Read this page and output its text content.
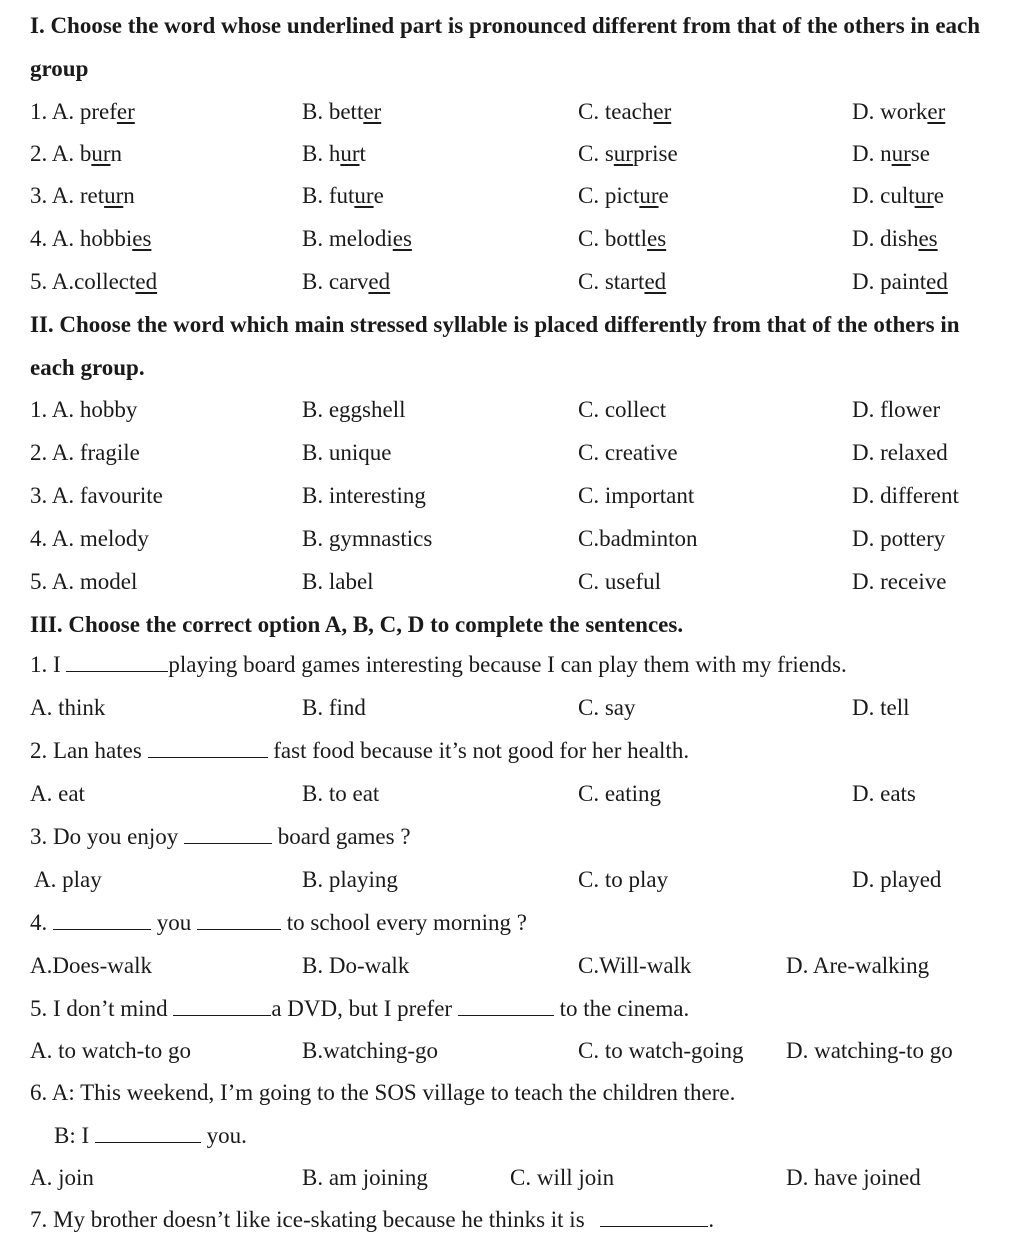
I. Choose the word whose underlined part is pronounced different from that of the others in each group
1. A. prefer	B. better	C. teacher	D. worker
2. A. burn	B. hurt	C. surprise	D. nurse
3. A. return	B. future	C. picture	D. culture
4. A. hobbies	B. melodies	C. bottles	D. dishes
5. A.collected	B. carved	C. started	D. painted
II. Choose the word which main stressed syllable is placed differently from that of the others in each group.
1. A. hobby	B. eggshell	C. collect	D. flower
2. A. fragile	B. unique	C. creative	D. relaxed
3. A. favourite	B. interesting	C. important	D. different
4. A. melody	B. gymnastics	C.badminton	D. pottery
5. A. model	B. label	C. useful	D. receive
III. Choose the correct option A, B, C, D to complete the sentences.
1. I	playing board games interesting because I can play them with my friends.
A. think	B. find	C. say	D. tell
2. Lan hates	fast food because it’s not good for her health.
A. eat	B. to eat	C. eating	D. eats
3. Do you enjoy	board games ?
A. play	B. playing	C. to play	D. played
4.	you	to school every morning ?
A.Does-walk	B. Do-walk	C.Will-walk	D. Are-walking
5. I don’t mind	a DVD, but I prefer	to the cinema.
A. to watch-to go	B.watching-go	C. to watch-going D. watching-to go
6. A: This weekend, I’m going to the SOS village to teach the children there.
B: I	you.
A. join	B. am joining	C. will join	D. have joined
7. My brother doesn’t like ice-skating because he thinks it is	.
